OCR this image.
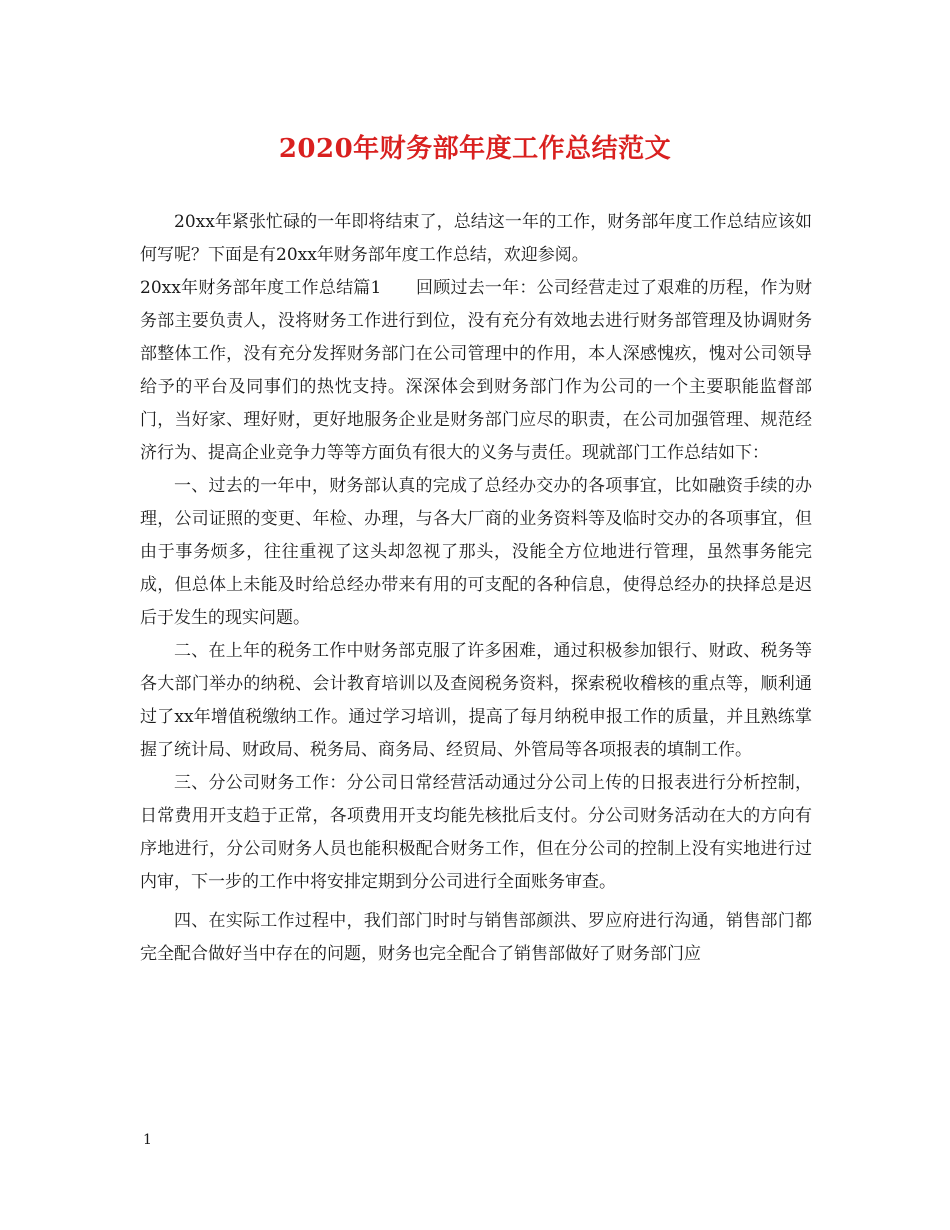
2020年财务部年度工作总结范文

20xx年紧张忙碌的一年即将结束了，总结这一年的工作，财务部年度工作总结应该如何写呢？下面是有20xx年财务部年度工作总结，欢迎参阅。

20xx年财务部年度工作总结篇1　　回顾过去一年：公司经营走过了艰难的历程，作为财务部主要负责人，没将财务工作进行到位，没有充分有效地去进行财务部管理及协调财务部整体工作，没有充分发挥财务部门在公司管理中的作用，本人深感愧疚，愧对公司领导给予的平台及同事们的热忱支持。深深体会到财务部门作为公司的一个主要职能监督部门，当好家、理好财，更好地服务企业是财务部门应尽的职责，在公司加强管理、规范经济行为、提高企业竞争力等等方面负有很大的义务与责任。现就部门工作总结如下：

一、过去的一年中，财务部认真的完成了总经办交办的各项事宜，比如融资手续的办理，公司证照的变更、年检、办理，与各大厂商的业务资料等及临时交办的各项事宜，但由于事务烦多，往往重视了这头却忽视了那头，没能全方位地进行管理，虽然事务能完成，但总体上未能及时给总经办带来有用的可支配的各种信息，使得总经办的抉择总是迟后于发生的现实问题。

二、在上年的税务工作中财务部克服了许多困难，通过积极参加银行、财政、税务等各大部门举办的纳税、会计教育培训以及查阅税务资料，探索税收稽核的重点等，顺利通过了xx年增值税缴纳工作。通过学习培训，提高了每月纳税申报工作的质量，并且熟练掌握了统计局、财政局、税务局、商务局、经贸局、外管局等各项报表的填制工作。

三、分公司财务工作：分公司日常经营活动通过分公司上传的日报表进行分析控制，日常费用开支趋于正常，各项费用开支均能先核批后支付。分公司财务活动在大的方向有序地进行，分公司财务人员也能积极配合财务工作，但在分公司的控制上没有实地进行过内审，下一步的工作中将安排定期到分公司进行全面账务审查。

四、在实际工作过程中，我们部门时时与销售部颜洪、罗应府进行沟通，销售部门都完全配合做好当中存在的问题，财务也完全配合了销售部做好了财务部门应

1
